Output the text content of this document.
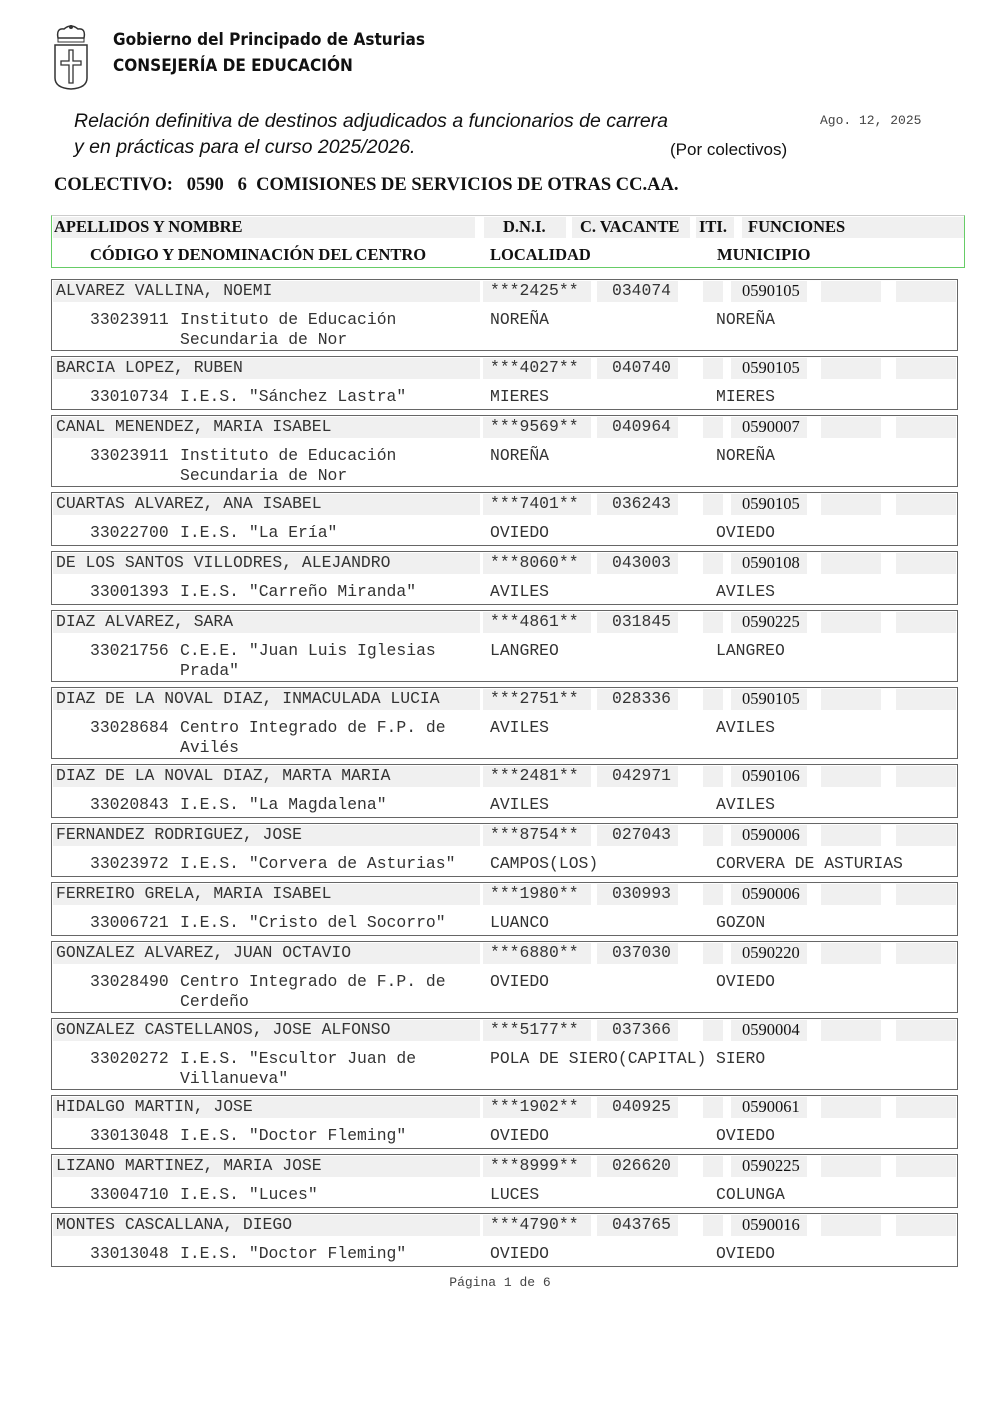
Gobierno del Principado de Asturias
CONSEJERÍA DE EDUCACIÓN
Relación definitiva de destinos adjudicados a funcionarios de carrera
y en prácticas para el curso 2025/2026.
Ago. 12, 2025
(Por colectivos)
COLECTIVO:   0590   6  COMISIONES DE SERVICIOS DE OTRAS CC.AA.
APELLIDOS Y NOMBRE	D.N.I. C. VACANTE ITI. FUNCIONES
CÓDIGO Y DENOMINACIÓN DEL CENTRO	LOCALIDAD	MUNICIPIO
ALVAREZ VALLINA, NOEMI	***2425** 034074	0590105
33023911 Instituto de Educación	NOREÑA	NOREÑA
Secundaria de Nor
BARCIA LOPEZ, RUBEN	***4027** 040740	0590105
33010734 I.E.S. "Sánchez Lastra"	MIERES	MIERES
CANAL MENENDEZ, MARIA ISABEL	***9569** 040964	0590007
33023911 Instituto de Educación	NOREÑA	NOREÑA
Secundaria de Nor
CUARTAS ALVAREZ, ANA ISABEL	***7401** 036243	0590105
33022700 I.E.S. "La Ería"	OVIEDO	OVIEDO
DE LOS SANTOS VILLODRES, ALEJANDRO	***8060** 043003	0590108
33001393 I.E.S. "Carreño Miranda"	AVILES	AVILES
DIAZ ALVAREZ, SARA	***4861** 031845	0590225
33021756 C.E.E. "Juan Luis Iglesias	LANGREO	LANGREO
Prada"
DIAZ DE LA NOVAL DIAZ, INMACULADA LUCIA	***2751** 028336	0590105
33028684 Centro Integrado de F.P. de	AVILES	AVILES
Avilés
DIAZ DE LA NOVAL DIAZ, MARTA MARIA	***2481** 042971	0590106
33020843 I.E.S. "La Magdalena"	AVILES	AVILES
FERNANDEZ RODRIGUEZ, JOSE	***8754** 027043	0590006
33023972 I.E.S. "Corvera de Asturias" CAMPOS(LOS)	CORVERA DE ASTURIAS
FERREIRO GRELA, MARIA ISABEL	***1980** 030993	0590006
33006721 I.E.S. "Cristo del Socorro"	LUANCO	GOZON
GONZALEZ ALVAREZ, JUAN OCTAVIO	***6880** 037030	0590220
33028490 Centro Integrado de F.P. de	OVIEDO	OVIEDO
Cerdeño
GONZALEZ CASTELLANOS, JOSE ALFONSO	***5177** 037366	0590004
33020272 I.E.S. "Escultor Juan de	POLA DE SIERO(CAPITAL) SIERO
Villanueva"
HIDALGO MARTIN, JOSE	***1902** 040925	0590061
33013048 I.E.S. "Doctor Fleming"	OVIEDO	OVIEDO
LIZANO MARTINEZ, MARIA JOSE	***8999** 026620	0590225
33004710 I.E.S. "Luces"	LUCES	COLUNGA
MONTES CASCALLANA, DIEGO	***4790** 043765	0590016
33013048 I.E.S. "Doctor Fleming"	OVIEDO	OVIEDO
Página 1 de 6
